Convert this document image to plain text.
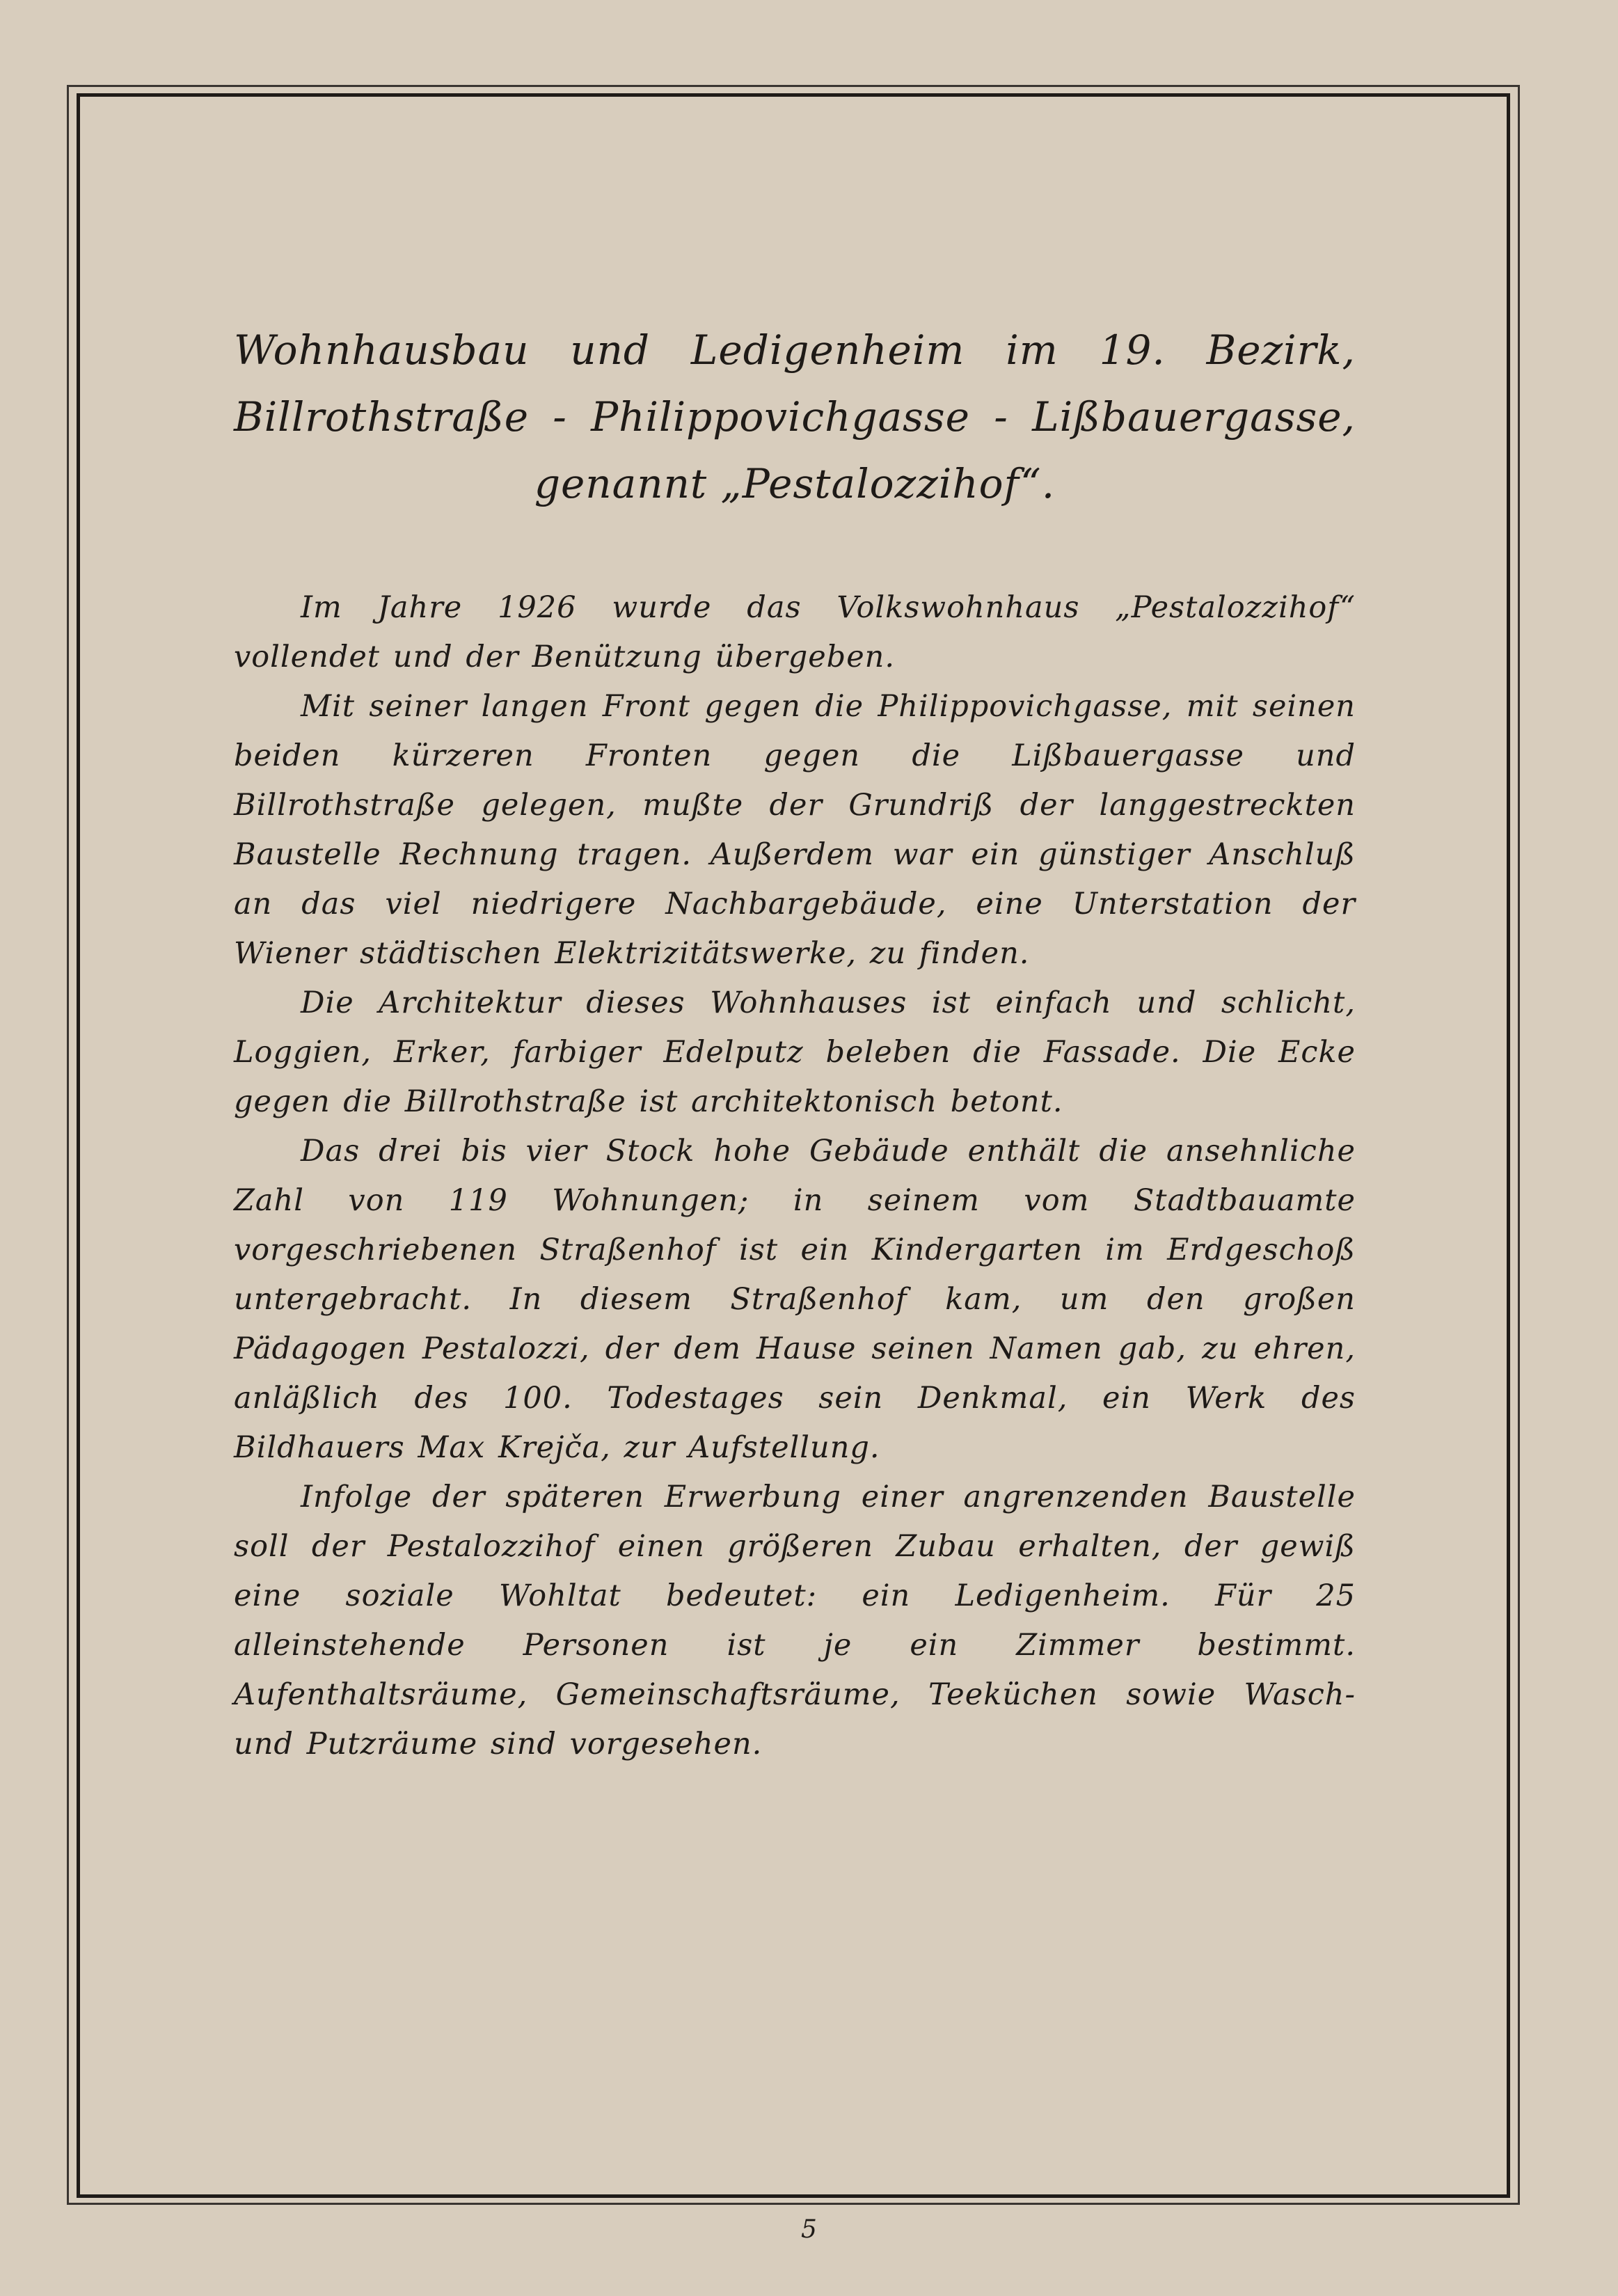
Wohnhausbau und Ledigenheim im 19. Bezirk,
Billrothstraße - Philippovichgasse - Lißbauergasse,
genannt „Pestalozzihof“.

Im Jahre 1926 wurde das Volkswohnhaus „Pestalozzihof“ vollendet und der Benützung übergeben.

Mit seiner langen Front gegen die Philippovichgasse, mit seinen beiden kürzeren Fronten gegen die Lißbauergasse und Billrothstraße gelegen, mußte der Grundriß der langgestreckten Baustelle Rechnung tragen. Außerdem war ein günstiger Anschluß an das viel niedrigere Nachbargebäude, eine Unterstation der Wiener städtischen Elektrizitätswerke, zu finden.

Die Architektur dieses Wohnhauses ist einfach und schlicht, Loggien, Erker, farbiger Edelputz beleben die Fassade. Die Ecke gegen die Billrothstraße ist architektonisch betont.

Das drei bis vier Stock hohe Gebäude enthält die ansehnliche Zahl von 119 Wohnungen; in seinem vom Stadtbauamte vorgeschriebenen Straßenhof ist ein Kindergarten im Erdgeschoß untergebracht. In diesem Straßenhof kam, um den großen Pädagogen Pestalozzi, der dem Hause seinen Namen gab, zu ehren, anläßlich des 100. Todestages sein Denkmal, ein Werk des Bildhauers Max Krejča, zur Aufstellung.

Infolge der späteren Erwerbung einer angrenzenden Baustelle soll der Pestalozzihof einen größeren Zubau erhalten, der gewiß eine soziale Wohltat bedeutet: ein Ledigenheim. Für 25 alleinstehende Personen ist je ein Zimmer bestimmt. Aufenthaltsräume, Gemeinschaftsräume, Teeküchen sowie Wasch- und Putzräume sind vorgesehen.

5
